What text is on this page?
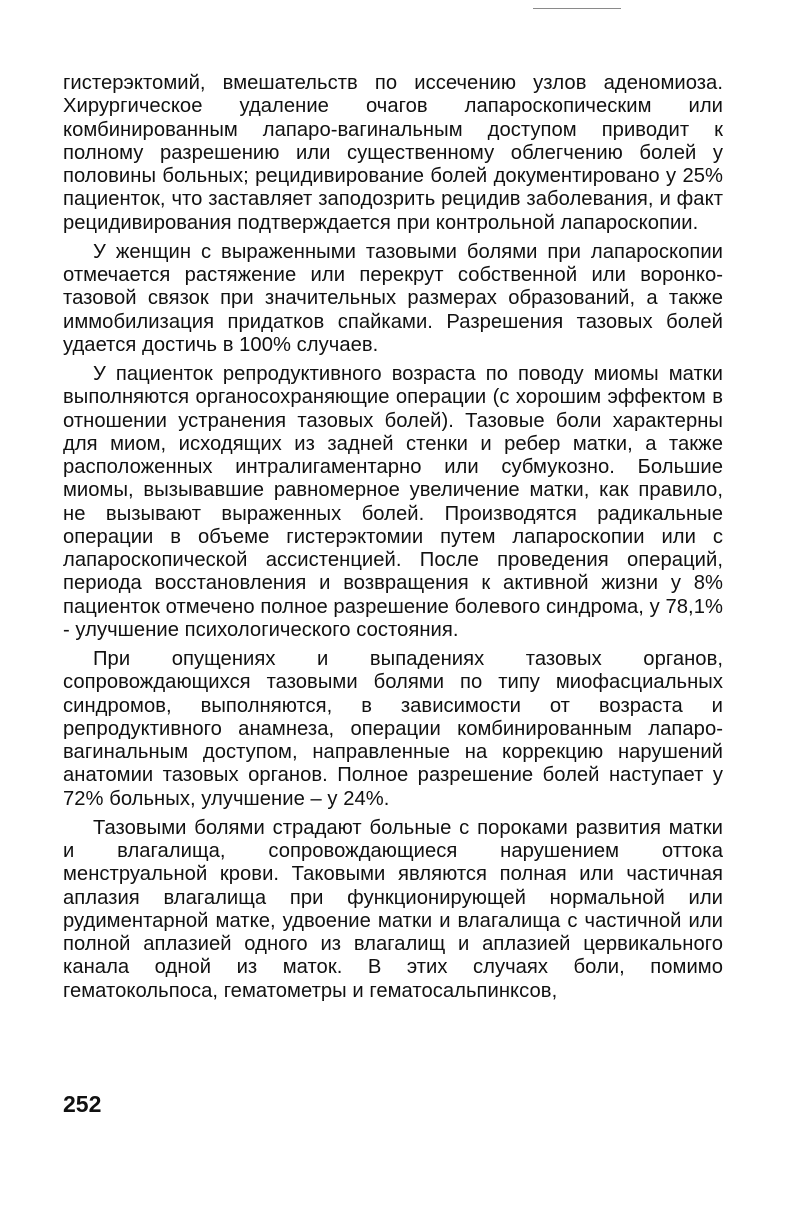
гистерэктомий, вмешательств по иссечению узлов аденомиоза. Хирургическое удаление очагов лапароскопическим или комбинированным лапаро-вагинальным доступом приводит к полному разрешению или существенному облегчению болей у половины больных; рецидивирование болей документировано у 25% пациенток, что заставляет заподозрить рецидив заболевания, и факт рецидивирования подтверждается при контрольной лапароскопии.

У женщин с выраженными тазовыми болями при лапароскопии отмечается растяжение или перекрут собственной или воронко-тазовой связок при значительных размерах образований, а также иммобилизация придатков спайками. Разрешения тазовых болей удается достичь в 100% случаев.

У пациенток репродуктивного возраста по поводу миомы матки выполняются органосохраняющие операции (с хорошим эффектом в отношении устранения тазовых болей). Тазовые боли характерны для миом, исходящих из задней стенки и ребер матки, а также расположенных интралигаментарно или субмукозно. Большие миомы, вызывавшие равномерное увеличение матки, как правило, не вызывают выраженных болей. Производятся радикальные операции в объеме гистерэктомии путем лапароскопии или с лапароскопической ассистенцией. После проведения операций, периода восстановления и возвращения к активной жизни у 8% пациенток отмечено полное разрешение болевого синдрома, у 78,1% - улучшение психологического состояния.

При опущениях и выпадениях тазовых органов, сопровождающихся тазовыми болями по типу миофасциальных синдромов, выполняются, в зависимости от возраста и репродуктивного анамнеза, операции комбинированным лапаро-вагинальным доступом, направленные на коррекцию нарушений анатомии тазовых органов. Полное разрешение болей наступает у 72% больных, улучшение – у 24%.

Тазовыми болями страдают больные с пороками развития матки и влагалища, сопровождающиеся нарушением оттока менструальной крови. Таковыми являются полная или частичная аплазия влагалища при функционирующей нормальной или рудиментарной матке, удвоение матки и влагалища с частичной или полной аплазией одного из влагалищ и аплазией цервикального канала одной из маток. В этих случаях боли, помимо гематокольпоса, гематометры и гематосальпинксов,

252
